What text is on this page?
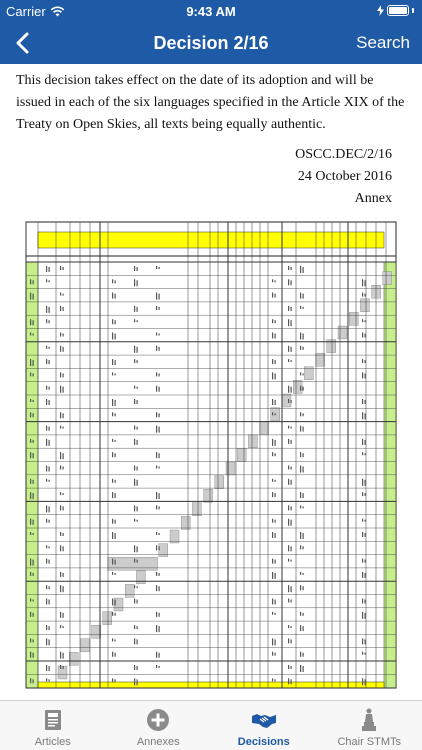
Carrier	9:43 AM
Decision 2/16	Search

This decision takes effect on the date of its adoption and will be issued in each of the six languages specified in the Article XIX of the Treaty on Open Skies, all texts being equally authentic.

OSCC.DEC/2/16
24 October 2016
Annex
Articles	Annexes	Decisions	Chair STMTs
